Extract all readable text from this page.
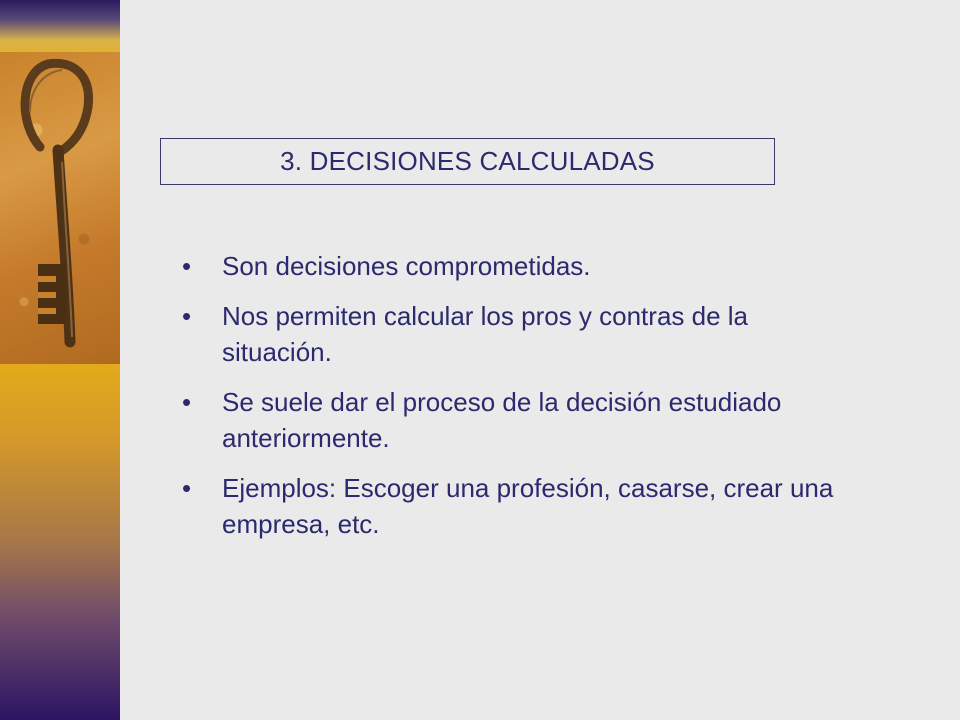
3. DECISIONES CALCULADAS
•	Son decisiones comprometidas.
•	Nos permiten calcular los pros y contras de la situación.
•	Se suele dar el proceso de la decisión estudiado anteriormente.
•	Ejemplos: Escoger una profesión, casarse, crear una empresa, etc.
